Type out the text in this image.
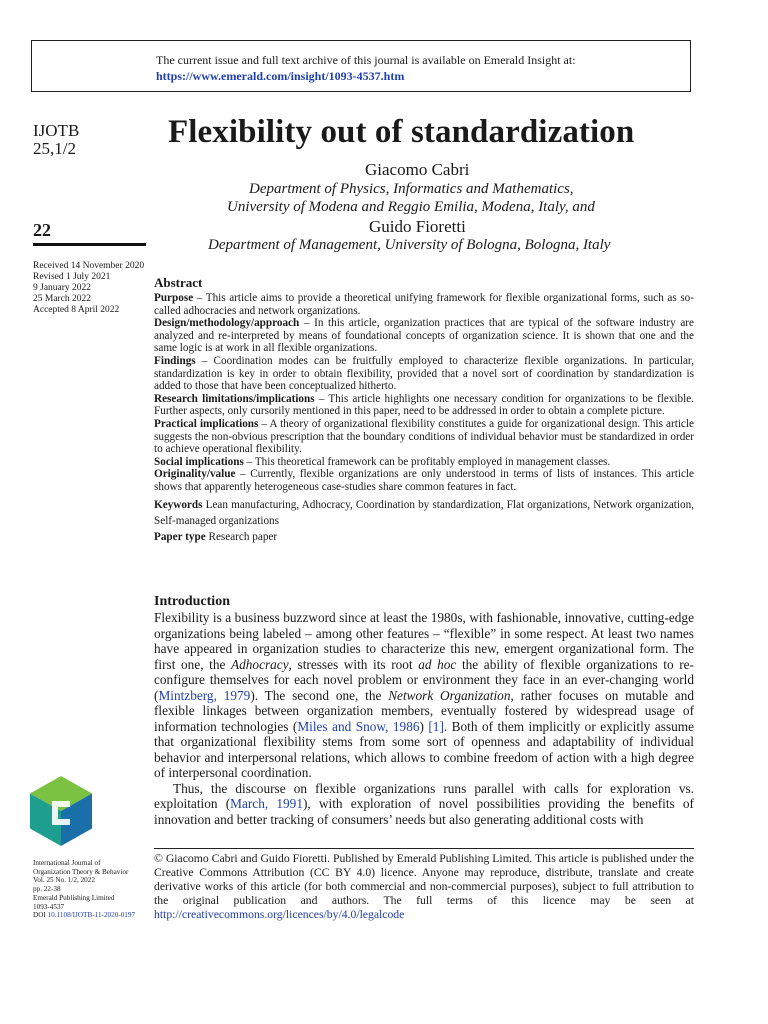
The current issue and full text archive of this journal is available on Emerald Insight at:
https://www.emerald.com/insight/1093-4537.htm
IJOTB
25,1/2	Flexibility out of standardization
Giacomo Cabri
Department of Physics, Informatics and Mathematics,
University of Modena and Reggio Emilia, Modena, Italy, and
Guido Fioretti
Department of Management, University of Bologna, Bologna, Italy
22
Received 14 November 2020
Revised 1 July 2021
9 January 2022
25 March 2022
Accepted 8 April 2022
Abstract

Purpose – This article aims to provide a theoretical unifying framework for flexible organizational forms, such as so-called adhocracies and network organizations.

Design/methodology/approach – In this article, organization practices that are typical of the software industry are analyzed and re-interpreted by means of foundational concepts of organization science. It is shown that one and the same logic is at work in all flexible organizations.

Findings – Coordination modes can be fruitfully employed to characterize flexible organizations. In particular, standardization is key in order to obtain flexibility, provided that a novel sort of coordination by standardization is added to those that have been conceptualized hitherto.

Research limitations/implications – This article highlights one necessary condition for organizations to be flexible. Further aspects, only cursorily mentioned in this paper, need to be addressed in order to obtain a complete picture.

Practical implications – A theory of organizational flexibility constitutes a guide for organizational design. This article suggests the non-obvious prescription that the boundary conditions of individual behavior must be standardized in order to achieve operational flexibility.

Social implications – This theoretical framework can be profitably employed in management classes.

Originality/value – Currently, flexible organizations are only understood in terms of lists of instances. This article shows that apparently heterogeneous case-studies share common features in fact.

Keywords Lean manufacturing, Adhocracy, Coordination by standardization, Flat organizations, Network organization, Self-managed organizations

Paper type Research paper

Introduction

Flexibility is a business buzzword since at least the 1980s, with fashionable, innovative, cutting-edge organizations being labeled – among other features – “flexible” in some respect. At least two names have appeared in organization studies to characterize this new, emergent organizational form. The first one, the Adhocracy, stresses with its root ad hoc the ability of flexible organizations to re-configure themselves for each novel problem or environment they face in an ever-changing world (Mintzberg, 1979). The second one, the Network Organization, rather focuses on mutable and flexible linkages between organization members, eventually fostered by widespread usage of information technologies (Miles and Snow, 1986) [1]. Both of them implicitly or explicitly assume that organizational flexibility stems from some sort of openness and adaptability of individual behavior and interpersonal relations, which allows to combine freedom of action with a high degree of interpersonal coordination.

Thus, the discourse on flexible organizations runs parallel with calls for exploration vs. exploitation (March, 1991), with exploration of novel possibilities providing the benefits of innovation and better tracking of consumers’ needs but also generating additional costs with

© Giacomo Cabri and Guido Fioretti. Published by Emerald Publishing Limited. This article is published under the Creative Commons Attribution (CC BY 4.0) licence. Anyone may reproduce, distribute, translate and create derivative works of this article (for both commercial and non-commercial purposes), subject to full attribution to the original publication and authors. The full terms of this licence may be seen at http://creativecommons.org/licences/by/4.0/legalcode
International Journal of
Organization Theory & Behavior
Vol. 25 No. 1/2, 2022
pp. 22-38
Emerald Publishing Limited
1093-4537
DOI 10.1108/IJOTB-11-2020-0197
